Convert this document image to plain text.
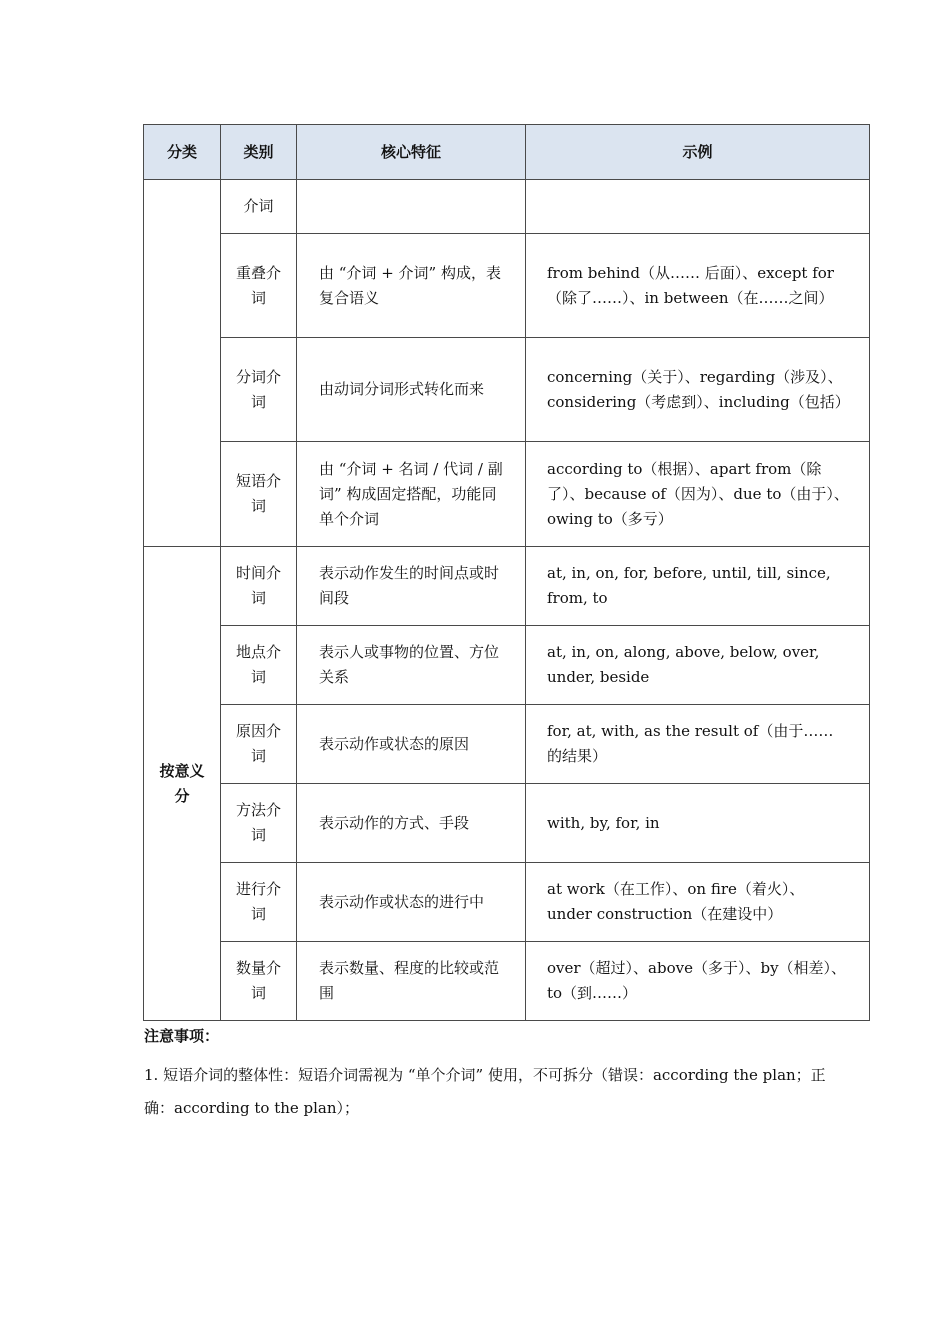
分类	类别	核心特征	示例
	介词		
	重叠介词	由 “介词 + 介词” 构成，表复合语义	from behind（从…… 后面）、except for（除了……）、in between（在……之间）
	分词介词	由动词分词形式转化而来	concerning（关于）、regarding（涉及）、considering（考虑到）、including（包括）
	短语介词	由 “介词 + 名词 / 代词 / 副词” 构成固定搭配，功能同单个介词	according to（根据）、apart from（除了）、because of（因为）、due to（由于）、owing to（多亏）
按意义分	时间介词	表示动作发生的时间点或时间段	at, in, on, for, before, until, till, since, from, to
	地点介词	表示人或事物的位置、方位关系	at, in, on, along, above, below, over, under, beside
	原因介词	表示动作或状态的原因	for, at, with, as the result of（由于…… 的结果）
	方法介词	表示动作的方式、手段	with, by, for, in
	进行介词	表示动作或状态的进行中	at work（在工作）、on fire（着火）、under construction（在建设中）
	数量介词	表示数量、程度的比较或范围	over（超过）、above（多于）、by（相差）、to（到……）

注意事项：

1. 短语介词的整体性：短语介词需视为 “单个介词” 使用，不可拆分（错误：according the plan；正确：according to the plan）；
